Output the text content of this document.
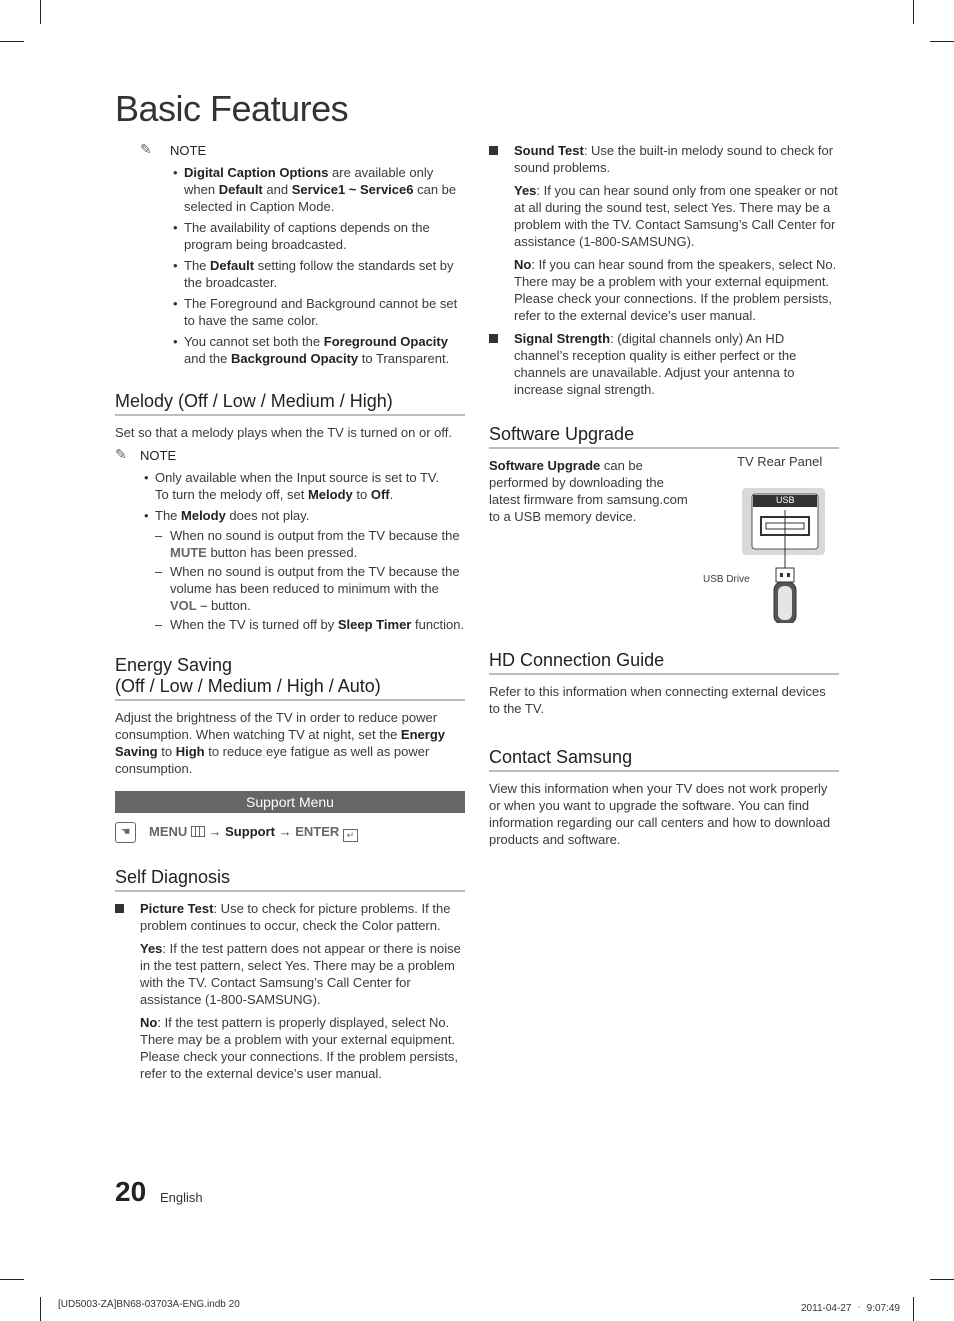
Basic Features
✎ NOTE
• Digital Caption Options are available only when Default and Service1 ~ Service6 can be selected in Caption Mode.
• The availability of captions depends on the program being broadcasted.
• The Default setting follow the standards set by the broadcaster.
• The Foreground and Background cannot be set to have the same color.
• You cannot set both the Foreground Opacity and the Background Opacity to Transparent.
Melody (Off / Low / Medium / High)

Set so that a melody plays when the TV is turned on or off.

✎ NOTE
• Only available when the Input source is set to TV.
To turn the melody off, set Melody to Off.
• The Melody does not play.
– When no sound is output from the TV because the MUTE button has been pressed.
– When no sound is output from the TV because the volume has been reduced to minimum with the VOL – button.
– When the TV is turned off by Sleep Timer function.
Energy Saving
(Off / Low / Medium / High / Auto)

Adjust the brightness of the TV in order to reduce power consumption. When watching TV at night, set the Energy Saving to High to reduce eye fatigue as well as power consumption.

Support Menu
☚	MENU  → Support → ENTER ↵
Self Diagnosis

Picture Test: Use to check for picture problems. If the problem continues to occur, check the Color pattern.

Yes: If the test pattern does not appear or there is noise in the test pattern, select Yes. There may be a problem with the TV. Contact Samsung’s Call Center for assistance (1-800-SAMSUNG).

No: If the test pattern is properly displayed, select No. There may be a problem with your external equipment. Please check your connections. If the problem persists, refer to the external device’s user manual.

Sound Test: Use the built-in melody sound to check for sound problems.

Yes: If you can hear sound only from one speaker or not at all during the sound test, select Yes. There may be a problem with the TV. Contact Samsung’s Call Center for assistance (1-800-SAMSUNG).

No: If you can hear sound from the speakers, select No. There may be a problem with your external equipment. Please check your connections. If the problem persists, refer to the external device’s user manual.

Signal Strength: (digital channels only) An HD channel’s reception quality is either perfect or the channels are unavailable. Adjust your antenna to increase signal strength.

Software Upgrade

Software Upgrade can be performed by downloading the latest firmware from samsung.com to a USB memory device.

TV Rear Panel
USB
USB Drive
HD Connection Guide

Refer to this information when connecting external devices to the TV.

Contact Samsung

View this information when your TV does not work properly or when you want to upgrade the software. You can find information regarding our call centers and how to download products and software.

20 English
[UD5003-ZA]BN68-03703A-ENG.indb 20	2011-04-27 ᆞ 9:07:49
